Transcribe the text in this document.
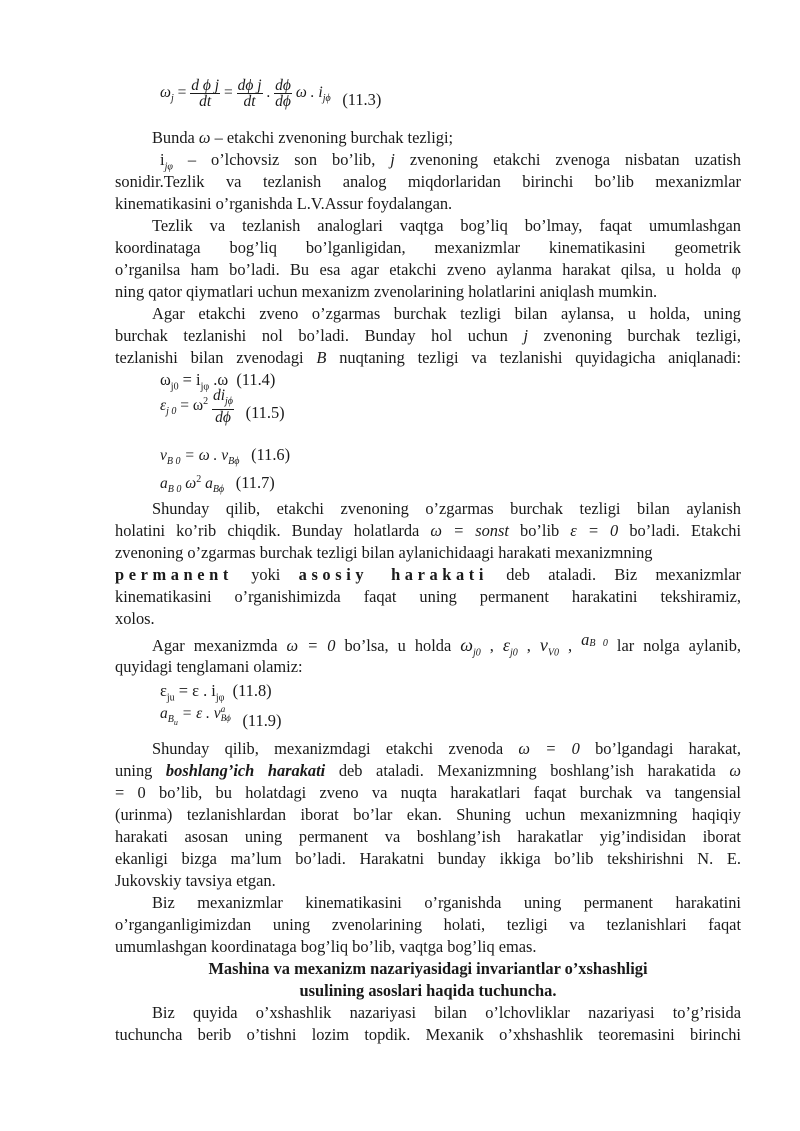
$\omega_j = \frac{\text{d ϕ j}}{dt} = \frac{\text{dϕ j}}{dt}$ . $\frac{d\phi}{d\phi}$ ω . $i_{j\phi}$ (11.3)
Bunda ω – etakchi zvenoning burchak tezligi;
$i_{j\varphi}$ – o’lchovsiz son bo’lib, j zvenoning etakchi zvenoga nisbatan uzatish
sonidir.Tezlik va tezlanish analog miqdorlaridan birinchi bo’lib mexanizmlar
kinematikasini o’rganishda L.V.Assur foydalangan.
Tezlik va tezlanish analoglari vaqtga bog’liq bo’lmay, faqat umumlashgan
koordinataga bog’liq bo’lganligidan, mexanizmlar kinematikasini geometrik
o’rganilsa ham bo’ladi. Bu esa agar etakchi zveno aylanma harakat qilsa, u holda φ
ning qator qiymatlari uchun mexanizm zvenolarining holatlarini aniqlash mumkin.
Agar etakchi zveno o’zgarmas burchak tezligi bilan aylansa, u holda, uning
burchak tezlanishi nol bo’ladi. Bunday hol uchun j zvenoning burchak tezligi,
tezlanishi bilan zvenodagi B nuqtaning tezligi va tezlanishi quyidagicha aniqlanadi:
$\omega_{j0} = i_{j\varphi}$ .ω (11.4)
$\varepsilon_{j 0} = \omega^2 \frac{di_{j\phi}}{d\phi} (11.5)$
$v_{B 0} = \omega$ . $v_{B\phi}$ (11.6)
$a_{B 0}$ $\omega^2$ $a_{B\phi}$ (11.7)
Shunday qilib, etakchi zvenoning o’zgarmas burchak tezligi bilan aylanish
holatini ko’rib chiqdik. Bunday holatlarda ω = sonst bo’lib ε = 0 bo’ladi. Etakchi
zvenoning o’zgarmas burchak tezligi bilan aylanichidaagi harakati mexanizmning
permanent yoki asosiy harakati deb ataladi. Biz mexanizmlar
kinematikasini o’rganishimizda faqat uning permanent harakatini tekshiramiz,
xolos.
Agar mexanizmda ω = 0 bo’lsa, u holda $\omega_{j0}$ , $\varepsilon_{j0}$ , $v_{V0}$ , $a_{B 0}$ lar nolga aylanib,
quyidagi tenglamani olamiz:
$\varepsilon_{ju} = \varepsilon$ . $i_{j\varphi}$ (11.8)
$a_{B_u} = \varepsilon$ . v a
Bϕ (11.9)
Shunday qilib, mexanizmdagi etakchi zvenoda ω = 0 bo’lgandagi harakat,
uning boshlang’ich harakati deb ataladi. Mexanizmning boshlang’ish harakatida ω
= 0 bo’lib, bu holatdagi zveno va nuqta harakatlari faqat burchak va tangensial
(urinma) tezlanishlardan iborat bo’lar ekan. Shuning uchun mexanizmning haqiqiy
harakati asosan uning permanent va boshlang’ish harakatlar yig’indisidan iborat
ekanligi bizga ma’lum bo’ladi. Harakatni bunday ikkiga bo’lib tekshirishni N. E.
Jukovskiy tavsiya etgan.
Biz mexanizmlar kinematikasini o’rganishda uning permanent harakatini
o’rganganligimizdan uning zvenolarining holati, tezligi va tezlanishlari faqat
umumlashgan koordinataga bog’liq bo’lib, vaqtga bog’liq emas.
Mashina va mexanizm nazariyasidagi invariantlar o’xshashligi
usulining asoslari haqida tuchuncha.
Biz quyida o’xshashlik nazariyasi bilan o’lchovliklar nazariyasi to’g’risida
tuchuncha berib o’tishni lozim topdik. Mexanik o’xhshashlik teoremasini birinchi
